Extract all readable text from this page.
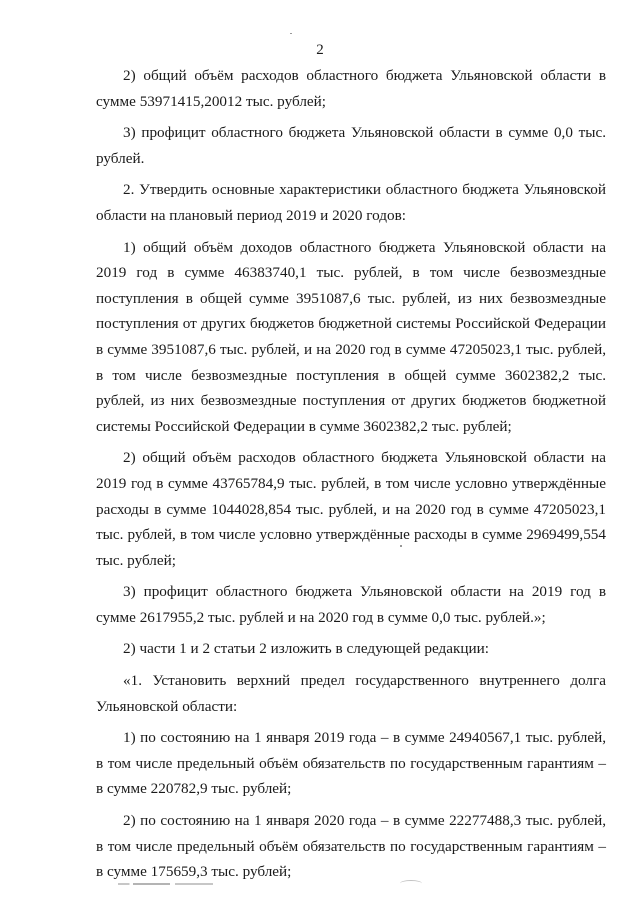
2

2) общий объём расходов областного бюджета Ульяновской области в сумме 53971415,20012 тыс. рублей;

3) профицит областного бюджета Ульяновской области в сумме 0,0 тыс. рублей.

2. Утвердить основные характеристики областного бюджета Ульяновской области на плановый период 2019 и 2020 годов:

1) общий объём доходов областного бюджета Ульяновской области на 2019 год в сумме 46383740,1 тыс. рублей, в том числе безвозмездные поступления в общей сумме 3951087,6 тыс. рублей, из них безвозмездные поступления от других бюджетов бюджетной системы Российской Федерации в сумме 3951087,6 тыс. рублей, и на 2020 год в сумме 47205023,1 тыс. рублей, в том числе безвозмездные поступления в общей сумме 3602382,2 тыс. рублей, из них безвозмездные поступления от других бюджетов бюджетной системы Российской Федерации в сумме 3602382,2 тыс. рублей;

2) общий объём расходов областного бюджета Ульяновской области на 2019 год в сумме 43765784,9 тыс. рублей, в том числе условно утверждённые расходы в сумме 1044028,854 тыс. рублей, и на 2020 год в сумме 47205023,1 тыс. рублей, в том числе условно утверждённые расходы в сумме 2969499,554 тыс. рублей;

3) профицит областного бюджета Ульяновской области на 2019 год в сумме 2617955,2 тыс. рублей и на 2020 год в сумме 0,0 тыс. рублей.»;

2) части 1 и 2 статьи 2 изложить в следующей редакции:

«1. Установить верхний предел государственного внутреннего долга Ульяновской области:

1) по состоянию на 1 января 2019 года – в сумме 24940567,1 тыс. рублей, в том числе предельный объём обязательств по государственным гарантиям – в сумме 220782,9 тыс. рублей;

2) по состоянию на 1 января 2020 года – в сумме 22277488,3 тыс. рублей, в том числе предельный объём обязательств по государственным гарантиям – в сумме 175659,3 тыс. рублей;
